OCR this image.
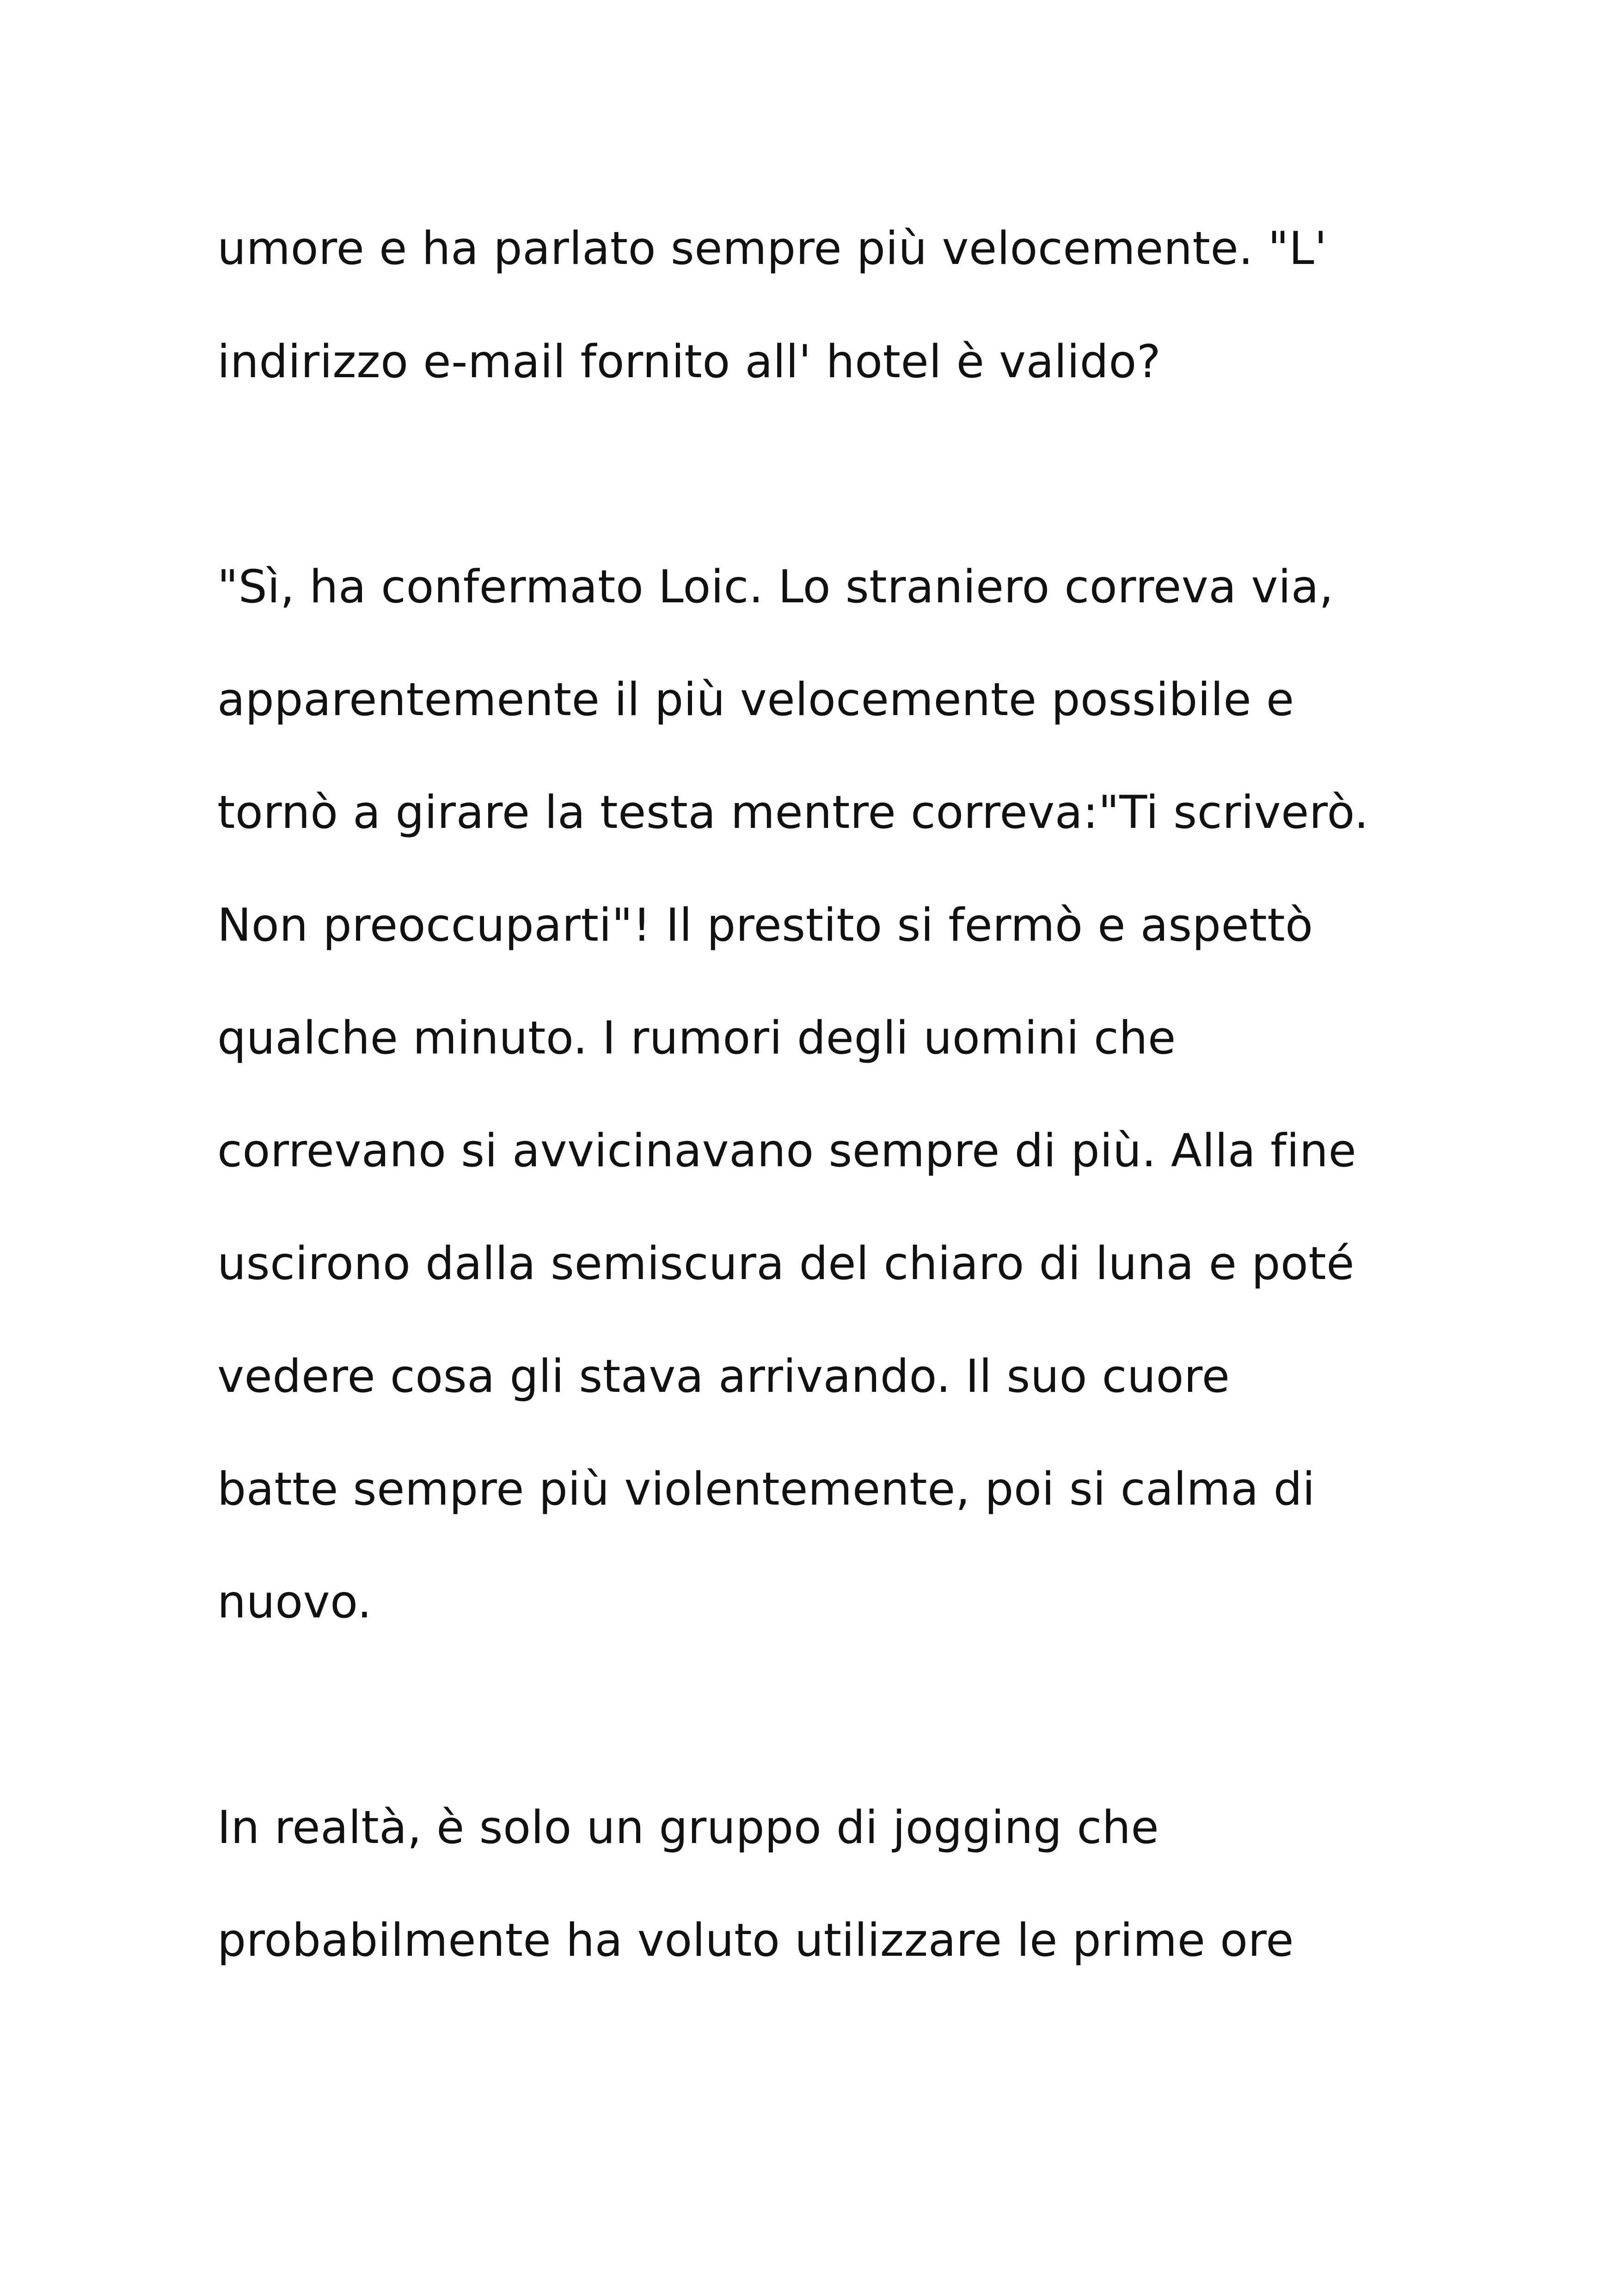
umore e ha parlato sempre più velocemente. "L'
indirizzo e-mail fornito all' hotel è valido?
"Sì, ha confermato Loic. Lo straniero correva via,
apparentemente il più velocemente possibile e
tornò a girare la testa mentre correva:"Ti scriverò.
Non preoccuparti"! Il prestito si fermò e aspettò
qualche minuto. I rumori degli uomini che
correvano si avvicinavano sempre di più. Alla fine
uscirono dalla semiscura del chiaro di luna e poté
vedere cosa gli stava arrivando. Il suo cuore
batte sempre più violentemente, poi si calma di
nuovo.
In realtà, è solo un gruppo di jogging che
probabilmente ha voluto utilizzare le prime ore
